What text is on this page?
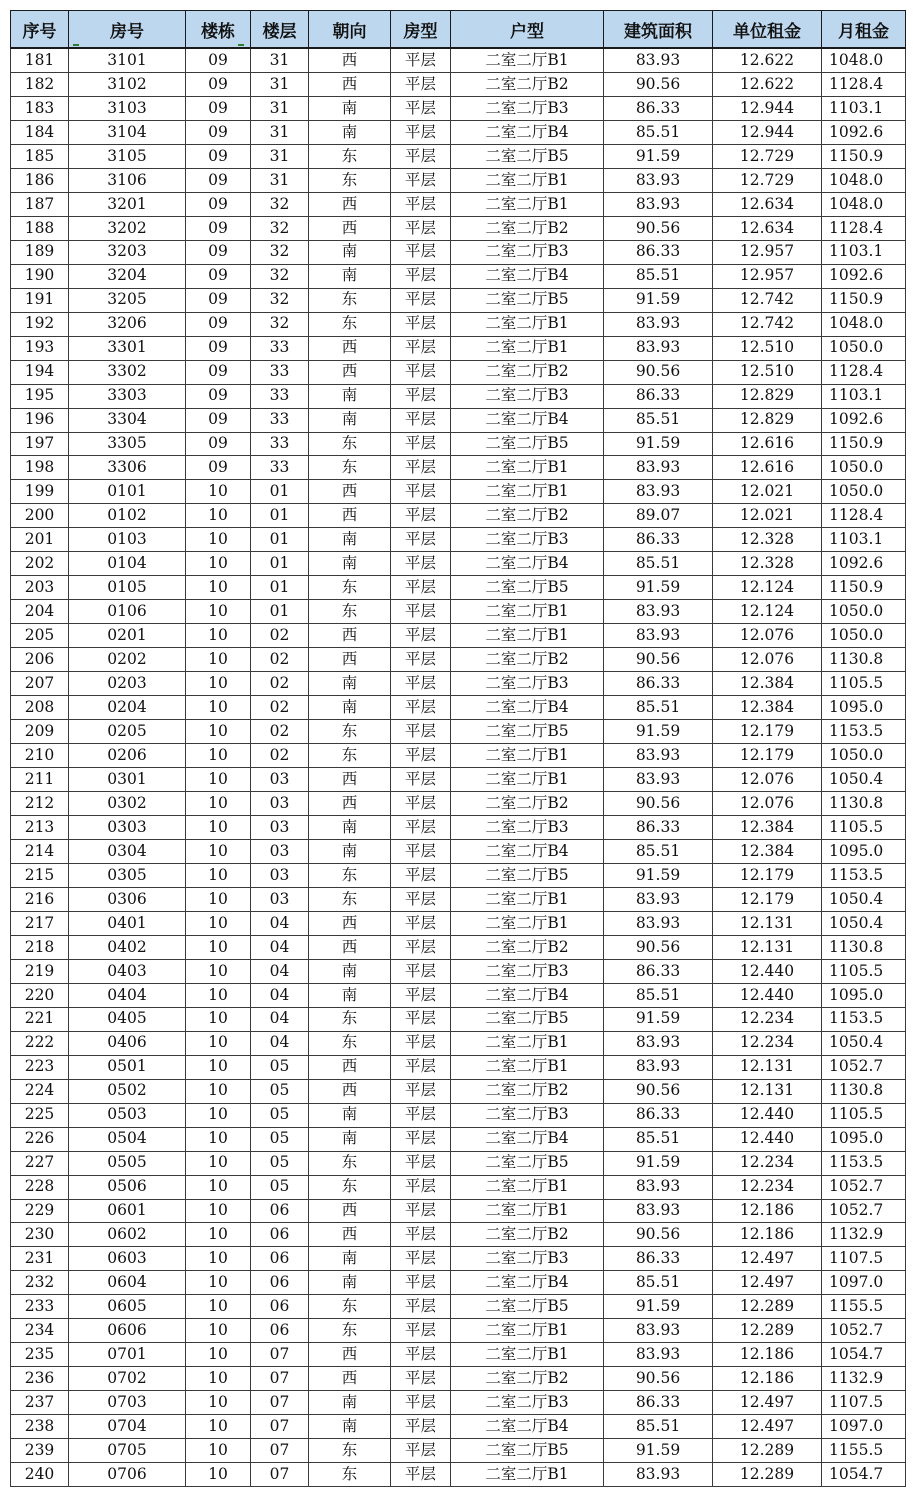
序号	房号	楼栋	楼层	朝向	房型	户型	建筑面积	单位租金	月租金
181	3101	09	31	西	平层	二室二厅B1	83.93	12.622	1048.0
182	3102	09	31	西	平层	二室二厅B2	90.56	12.622	1128.4
183	3103	09	31	南	平层	二室二厅B3	86.33	12.944	1103.1
184	3104	09	31	南	平层	二室二厅B4	85.51	12.944	1092.6
185	3105	09	31	东	平层	二室二厅B5	91.59	12.729	1150.9
186	3106	09	31	东	平层	二室二厅B1	83.93	12.729	1048.0
187	3201	09	32	西	平层	二室二厅B1	83.93	12.634	1048.0
188	3202	09	32	西	平层	二室二厅B2	90.56	12.634	1128.4
189	3203	09	32	南	平层	二室二厅B3	86.33	12.957	1103.1
190	3204	09	32	南	平层	二室二厅B4	85.51	12.957	1092.6
191	3205	09	32	东	平层	二室二厅B5	91.59	12.742	1150.9
192	3206	09	32	东	平层	二室二厅B1	83.93	12.742	1048.0
193	3301	09	33	西	平层	二室二厅B1	83.93	12.510	1050.0
194	3302	09	33	西	平层	二室二厅B2	90.56	12.510	1128.4
195	3303	09	33	南	平层	二室二厅B3	86.33	12.829	1103.1
196	3304	09	33	南	平层	二室二厅B4	85.51	12.829	1092.6
197	3305	09	33	东	平层	二室二厅B5	91.59	12.616	1150.9
198	3306	09	33	东	平层	二室二厅B1	83.93	12.616	1050.0
199	0101	10	01	西	平层	二室二厅B1	83.93	12.021	1050.0
200	0102	10	01	西	平层	二室二厅B2	89.07	12.021	1128.4
201	0103	10	01	南	平层	二室二厅B3	86.33	12.328	1103.1
202	0104	10	01	南	平层	二室二厅B4	85.51	12.328	1092.6
203	0105	10	01	东	平层	二室二厅B5	91.59	12.124	1150.9
204	0106	10	01	东	平层	二室二厅B1	83.93	12.124	1050.0
205	0201	10	02	西	平层	二室二厅B1	83.93	12.076	1050.0
206	0202	10	02	西	平层	二室二厅B2	90.56	12.076	1130.8
207	0203	10	02	南	平层	二室二厅B3	86.33	12.384	1105.5
208	0204	10	02	南	平层	二室二厅B4	85.51	12.384	1095.0
209	0205	10	02	东	平层	二室二厅B5	91.59	12.179	1153.5
210	0206	10	02	东	平层	二室二厅B1	83.93	12.179	1050.0
211	0301	10	03	西	平层	二室二厅B1	83.93	12.076	1050.4
212	0302	10	03	西	平层	二室二厅B2	90.56	12.076	1130.8
213	0303	10	03	南	平层	二室二厅B3	86.33	12.384	1105.5
214	0304	10	03	南	平层	二室二厅B4	85.51	12.384	1095.0
215	0305	10	03	东	平层	二室二厅B5	91.59	12.179	1153.5
216	0306	10	03	东	平层	二室二厅B1	83.93	12.179	1050.4
217	0401	10	04	西	平层	二室二厅B1	83.93	12.131	1050.4
218	0402	10	04	西	平层	二室二厅B2	90.56	12.131	1130.8
219	0403	10	04	南	平层	二室二厅B3	86.33	12.440	1105.5
220	0404	10	04	南	平层	二室二厅B4	85.51	12.440	1095.0
221	0405	10	04	东	平层	二室二厅B5	91.59	12.234	1153.5
222	0406	10	04	东	平层	二室二厅B1	83.93	12.234	1050.4
223	0501	10	05	西	平层	二室二厅B1	83.93	12.131	1052.7
224	0502	10	05	西	平层	二室二厅B2	90.56	12.131	1130.8
225	0503	10	05	南	平层	二室二厅B3	86.33	12.440	1105.5
226	0504	10	05	南	平层	二室二厅B4	85.51	12.440	1095.0
227	0505	10	05	东	平层	二室二厅B5	91.59	12.234	1153.5
228	0506	10	05	东	平层	二室二厅B1	83.93	12.234	1052.7
229	0601	10	06	西	平层	二室二厅B1	83.93	12.186	1052.7
230	0602	10	06	西	平层	二室二厅B2	90.56	12.186	1132.9
231	0603	10	06	南	平层	二室二厅B3	86.33	12.497	1107.5
232	0604	10	06	南	平层	二室二厅B4	85.51	12.497	1097.0
233	0605	10	06	东	平层	二室二厅B5	91.59	12.289	1155.5
234	0606	10	06	东	平层	二室二厅B1	83.93	12.289	1052.7
235	0701	10	07	西	平层	二室二厅B1	83.93	12.186	1054.7
236	0702	10	07	西	平层	二室二厅B2	90.56	12.186	1132.9
237	0703	10	07	南	平层	二室二厅B3	86.33	12.497	1107.5
238	0704	10	07	南	平层	二室二厅B4	85.51	12.497	1097.0
239	0705	10	07	东	平层	二室二厅B5	91.59	12.289	1155.5
240	0706	10	07	东	平层	二室二厅B1	83.93	12.289	1054.7
